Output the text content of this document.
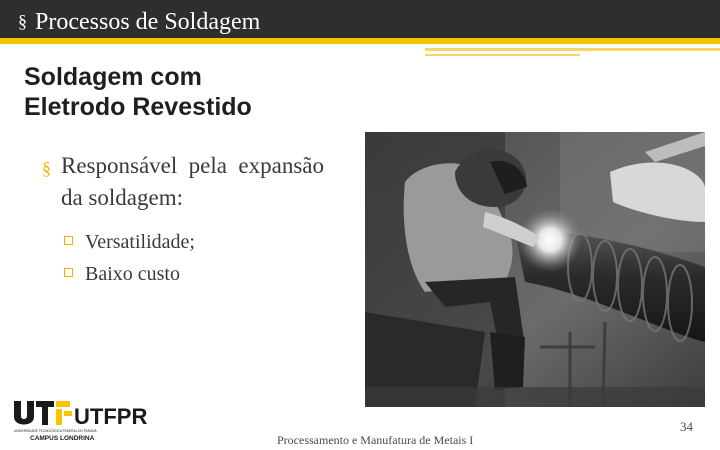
§ Processos de Soldagem
Soldagem com
Eletrodo Revestido
§ Responsável pela expansão da soldagem:
Versatilidade;
Baixo custo
UTFPR
UNIVERSIDADE TECNOLÓGICA FEDERAL DO PARANÁ
CAMPUS LONDRINA	Processamento e Manufatura de Metais I
34
